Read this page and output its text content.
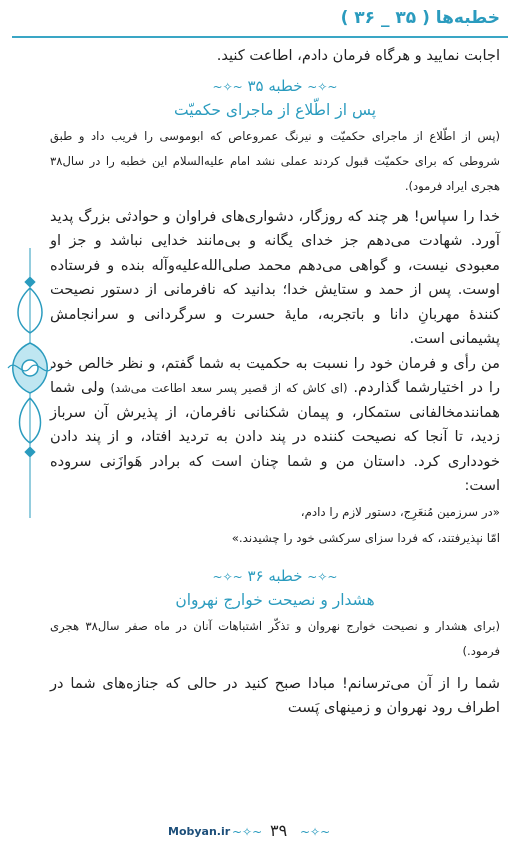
خطبه‌ها ( ۳۵ _ ۳۶ )

اجابت نمایید و هرگاه فرمان دادم، اطاعت کنید.

~✧~ خطبه ۳۵ ~✧~
پس از اطّلاع از ماجرای حکمیّت

(پس از اطّلاع از ماجرای حکمیّت و نیرنگ عمروعاص که ابوموسی را فریب داد و طبق شروطی که برای حکمیّت قبول کردند عملی نشد امام علیه‌السلام این خطبه را در سال۳۸ هجری ایراد فرمود).

خدا را سپاس! هر چند که روزگار، دشواری‌های فراوان و حوادثی بزرگ پدید آورد. شهادت می‌دهم جز خدای یگانه و بی‌مانند خدایی نباشد و جز او معبودی نیست، و گواهی می‌دهم محمد صلی‌الله‌علیه‌وآله بنده و فرستاده اوست. پس از حمد و ستایش خدا؛ بدانید که نافرمانی از دستور نصیحت کنندهٔ مهربانِ دانا و باتجربه، مایهٔ حسرت و سرگردانی و سرانجامش پشیمانی است.

من رأی و فرمان خود را نسبت به حکمیت به شما گفتم، و نظر خالص خود را در اختیارشما گذاردم. (ای کاش که از قصیر پسر سعد اطاعت می‌شد) ولی شما همانندمخالفانی ستمکار، و پیمان شکنانی نافرمان، از پذیرش آن سرباز زدید، تا آنجا که نصیحت کننده در پند دادن به تردید افتاد، و از پند دادن خودداری کرد. داستان من و شما چنان است که برادر هَوازَنی سروده است:

«در سرزمین مُنعَرِج، دستور لازم را دادم،

امّا نپذیرفتند، که فردا سزای سرکشی خود را چشیدند.»

~✧~ خطبه ۳۶ ~✧~
هشدار و نصیحت خوارج نهروان

(برای هشدار و نصیحت خوارج نهروان و تذکّر اشتباهات آنان در ماه صفر سال۳۸ هجری فرمود.)

شما را از آن می‌ترسانم! مبادا صبح کنید در حالی که جنازه‌های شما در اطراف رود نهروان و زمینهای پَست

Mobyan.ir ~✧~ ۳۹ ~✧~
